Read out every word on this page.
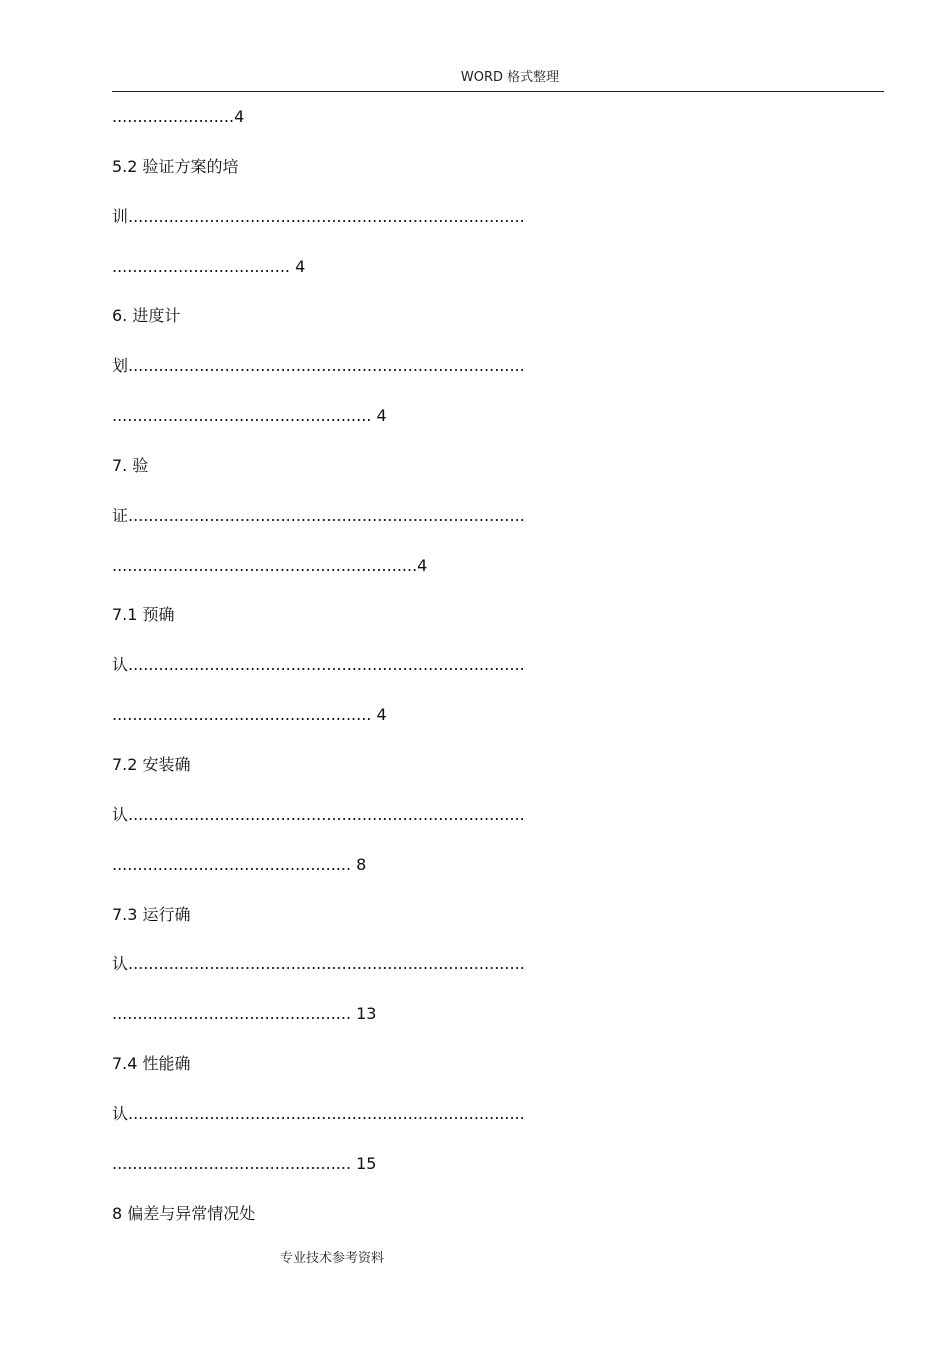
WORD 格式整理
........................4
5.2 验证方案的培
训..............................................................................
................................... 4
6. 进度计
划..............................................................................
................................................... 4
7. 验
证..............................................................................
............................................................4
7.1 预确
认..............................................................................
................................................... 4
7.2 安装确
认..............................................................................
............................................... 8
7.3 运行确
认..............................................................................
............................................... 13
7.4 性能确
认..............................................................................
............................................... 15
8 偏差与异常情况处
专业技术参考资料
